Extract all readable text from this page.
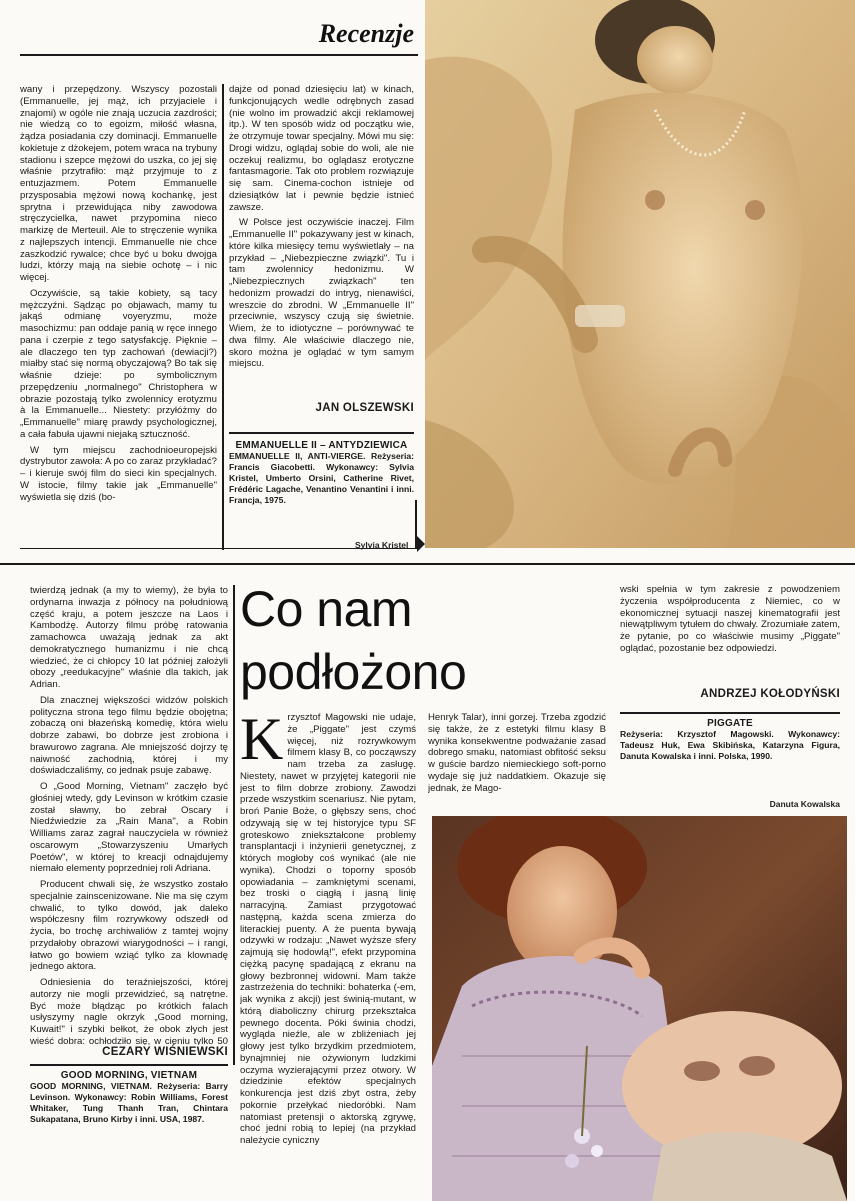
Recenzje
Sylvia Kristel

wany i przepędzony. Wszyscy pozostali (Emmanuelle, jej mąż, ich przyjaciele i znajomi) w ogóle nie znają uczucia zazdrości; nie wiedzą co to egoizm, miłość własna, żądza posiadania czy dominacji. Emmanuelle kokietuje z dżokejem, potem wraca na trybuny stadionu i szepce mężowi do uszka, co jej się właśnie przytrafiło: mąż przyjmuje to z entuzjazmem. Potem Emmanuelle przysposabia mężowi nową kochankę, jest sprytna i przewidująca niby zawodowa stręczycielka, nawet przypomina nieco markizę de Merteuil. Ale to stręczenie wynika z najlepszych intencji. Emmanuelle nie chce zaszkodzić rywalce; chce być u boku dwojga ludzi, którzy mają na siebie ochotę – i nic więcej.

Oczywiście, są takie kobiety, są tacy mężczyźni. Sądząc po objawach, mamy tu jakąś odmianę voyeryzmu, może masochizmu: pan oddaje panią w ręce innego pana i czerpie z tego satysfakcję. Pięknie – ale dlaczego ten typ zachowań (dewiacji?) miałby stać się normą obyczajową? Bo tak się właśnie dzieje: po symbolicznym przepędzeniu „normalnego" Christophera w obrazie pozostają tylko zwolennicy erotyzmu à la Emmanuelle... Niestety: przyłóżmy do „Emmanuelle" miarę prawdy psychologicznej, a cała fabuła ujawni niejaką sztuczność.

W tym miejscu zachodnioeuropejski dystrybutor zawoła: A po co zaraz przykładać? – i kieruje swój film do sieci kin specjalnych. W istocie, filmy takie jak „Emmanuelle" wyświetla się dziś (bo-

dajże od ponad dziesięciu lat) w kinach, funkcjonujących wedle odrębnych zasad (nie wolno im prowadzić akcji reklamowej itp.). W ten sposób widz od początku wie, że otrzymuje towar specjalny. Mówi mu się: Drogi widzu, oglądaj sobie do woli, ale nie oczekuj realizmu, bo oglądasz erotyczne fantasmagorie. Tak oto problem rozwiązuje się sam. Cinema-cochon istnieje od dziesiątków lat i pewnie będzie istnieć zawsze.

W Polsce jest oczywiście inaczej. Film „Emmanuelle II" pokazywany jest w kinach, które kilka miesięcy temu wyświetlały – na przykład – „Niebezpieczne związki". Tu i tam zwolennicy hedonizmu. W „Niebezpiecznych związkach" ten hedonizm prowadzi do intryg, nienawiści, wreszcie do zbrodni. W „Emmanuelle II" przeciwnie, wszyscy czują się świetnie. Wiem, że to idiotyczne – porównywać te dwa filmy. Ale właściwie dlaczego nie, skoro można je oglądać w tym samym miejscu.

JAN OLSZEWSKI
EMMANUELLE II – ANTYDZIEWICA
EMMANUELLE II, ANTI-VIERGE. Reżyseria: Francis Giacobetti. Wykonawcy: Sylvia Kristel, Umberto Orsini, Catherine Rivet, Frédéric Lagache, Venantino Venantini i inni. Francja, 1975.

twierdzą jednak (a my to wiemy), że była to ordynarna inwazja z północy na południową część kraju, a potem jeszcze na Laos i Kambodżę. Autorzy filmu próbę ratowania zamachowca uważają jednak za akt demokratycznego humanizmu i nie chcą wiedzieć, że ci chłopcy 10 lat później założyli obozy „reedukacyjne" właśnie dla takich, jak Adrian.

Dla znacznej większości widzów polskich polityczna strona tego filmu będzie obojętna; zobaczą oni błazeńską komedię, która wielu dobrze zabawi, bo dobrze jest zrobiona i brawurowo zagrana. Ale mniejszość dojrzy tę naiwność zachodnią, której i my doświadczaliśmy, co jednak psuje zabawę.

O „Good Morning, Vietnam" zaczęło być głośniej wtedy, gdy Levinson w krótkim czasie został sławny, bo zebrał Oscary i Niedźwiedzie za „Rain Mana", a Robin Williams zaraz zagrał nauczyciela w również oscarowym „Stowarzyszeniu Umarłych Poetów", w której to kreacji odnajdujemy niemało elementy poprzedniej roli Adriana.

Producent chwali się, że wszystko zostało specjalnie zainscenizowane. Nie ma się czym chwalić, to tylko dowód, jak daleko współczesny film rozrywkowy odszedł od życia, bo trochę archiwaliów z tamtej wojny przydałoby obrazowi wiarygodności – i rangi, łatwo go bowiem wziąć tylko za klownadę jednego aktora.

Odniesienia do teraźniejszości, której autorzy nie mogli przewidzieć, są natrętne. Być może błądząc po krótkich falach usłyszymy nagle okrzyk „Good morning, Kuwait!" i szybki bełkot, że obok złych jest wieść dobra: ochłodziło się, w cieniu tylko 50

CEZARY WIŚNIEWSKI
GOOD MORNING, VIETNAM
GOOD MORNING, VIETNAM. Reżyseria: Barry Levinson. Wykonawcy: Robin Williams, Forest Whitaker, Tung Thanh Tran, Chintara Sukapatana, Bruno Kirby i inni. USA, 1987.
Co nam
podłożono

Krzysztof Magowski nie udaje, że „Piggate" jest czymś więcej, niż rozrywkowym filmem klasy B, co począwszy nam trzeba za zasługę. Niestety, nawet w przyjętej kategorii nie jest to film dobrze zrobiony. Zawodzi przede wszystkim scenariusz. Nie pytam, broń Panie Boże, o głębszy sens, choć odzywają się w tej historyjce typu SF groteskowo zniekształcone problemy transplantacji i inżynierii genetycznej, z których mogłoby coś wynikać (ale nie wynika). Chodzi o toporny sposób opowiadania – zamkniętymi scenami, bez troski o ciągłą i jasną linię narracyjną. Zamiast przygotować następną, każda scena zmierza do literackiej puenty. A że puenta bywają odzywki w rodzaju: „Nawet wyższe sfery zajmują się hodowlą!", efekt przypomina ciężką pacynę spadającą z ekranu na głowy bezbronnej widowni. Mam także zastrzeżenia do techniki: bohaterka (-em, jak wynika z akcji) jest świnią-mutant, w którą diaboliczny chirurg przekształca pewnego docenta. Póki świnia chodzi, wygląda nieźle, ale w zbliżeniach jej głowy jest tylko brzydkim przedmiotem, bynajmniej nie ożywionym ludzkimi oczyma wyzierającymi przez otwory. W dziedzinie efektów specjalnych konkurencja jest dziś zbyt ostra, żeby pokornie przełykać niedoróbki. Nam natomiast pretensji o aktorską zgrywę, choć jedni robią to lepiej (na przykład należycie cyniczny

Henryk Talar), inni gorzej. Trzeba zgodzić się także, że z estetyki filmu klasy B wynika konsekwentne podważanie zasad dobrego smaku, natomiast obfitość seksu w guście bardzo niemieckiego soft-porno wydaje się już naddatkiem. Okazuje się jednak, że Mago-

wski spełnia w tym zakresie z powodzeniem życzenia współproducenta z Niemiec, co w ekonomicznej sytuacji naszej kinematografii jest niewątpliwym tytułem do chwały. Zrozumiałe zatem, że pytanie, po co właściwie musimy „Piggate" oglądać, pozostanie bez odpowiedzi.

ANDRZEJ KOŁODYŃSKI
PIGGATE
Reżyseria: Krzysztof Magowski. Wykonawcy: Tadeusz Huk, Ewa Skibińska, Katarzyna Figura, Danuta Kowalska i inni. Polska, 1990.
Danuta Kowalska
